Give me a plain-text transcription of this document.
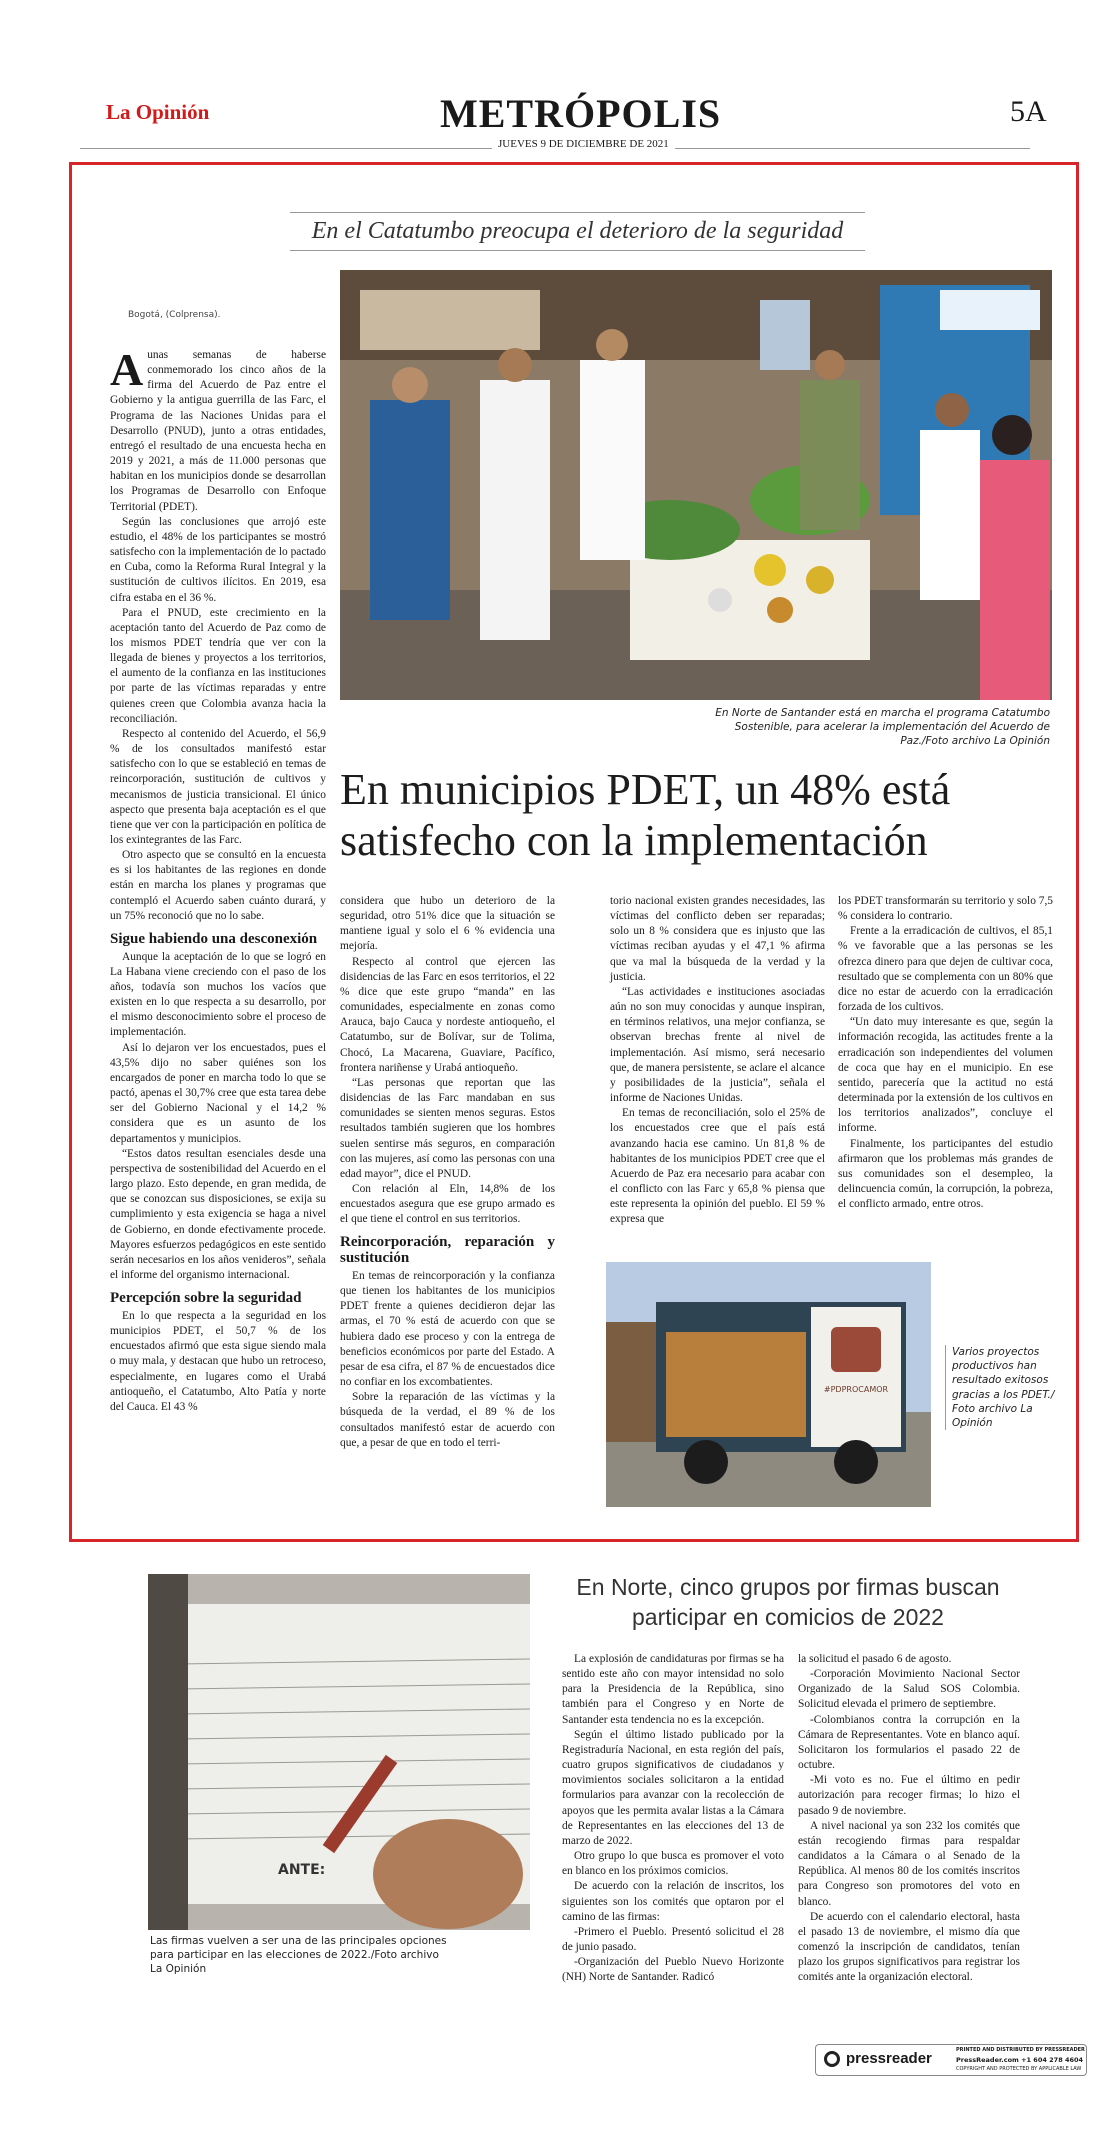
La Opinión	METRÓPOLIS	5A
JUEVES 9 DE DICIEMBRE DE 2021
En el Catatumbo preocupa el deterioro de la seguridad
En Norte de Santander está en marcha el programa Catatumbo Sostenible, para acelerar la implementación del Acuerdo de Paz./Foto archivo La Opinión
Bogotá, (Colprensa).
A unas semanas de haberse conmemorado los cinco años de la firma del Acuerdo de Paz entre el Gobierno y la antigua guerrilla de las Farc, el Programa de las Naciones Unidas para el Desarrollo (PNUD), junto a otras entidades, entregó el resultado de una encuesta hecha en 2019 y 2021, a más de 11.000 personas que habitan en los municipios donde se desarrollan los Programas de Desarrollo con Enfoque Territorial (PDET).

Según las conclusiones que arrojó este estudio, el 48% de los participantes se mostró satisfecho con la implementación de lo pactado en Cuba, como la Reforma Rural Integral y la sustitución de cultivos ilícitos. En 2019, esa cifra estaba en el 36 %.

Para el PNUD, este crecimiento en la aceptación tanto del Acuerdo de Paz como de los mismos PDET tendría que ver con la llegada de bienes y proyectos a los territorios, el aumento de la confianza en las instituciones por parte de las víctimas reparadas y entre quienes creen que Colombia avanza hacia la reconciliación.

Respecto al contenido del Acuerdo, el 56,9 % de los consultados manifestó estar satisfecho con lo que se estableció en temas de reincorporación, sustitución de cultivos y mecanismos de justicia transicional. El único aspecto que presenta baja aceptación es el que tiene que ver con la participación en política de los exintegrantes de las Farc.

Otro aspecto que se consultó en la encuesta es si los habitantes de las regiones en donde están en marcha los planes y programas que contempló el Acuerdo saben cuánto durará, y un 75% reconoció que no lo sabe.

Sigue habiendo una desconexión

Aunque la aceptación de lo que se logró en La Habana viene creciendo con el paso de los años, todavía son muchos los vacíos que existen en lo que respecta a su desarrollo, por el mismo desconocimiento sobre el proceso de implementación.

Así lo dejaron ver los encuestados, pues el 43,5% dijo no saber quiénes son los encargados de poner en marcha todo lo que se pactó, apenas el 30,7% cree que esta tarea debe ser del Gobierno Nacional y el 14,2 % considera que es un asunto de los departamentos y municipios.

“Estos datos resultan esenciales desde una perspectiva de sostenibilidad del Acuerdo en el largo plazo. Esto depende, en gran medida, de que se conozcan sus disposiciones, se exija su cumplimiento y esta exigencia se haga a nivel de Gobierno, en donde efectivamente procede. Mayores esfuerzos pedagógicos en este sentido serán necesarios en los años venideros”, señala el informe del organismo internacional.

Percepción sobre la seguridad

En lo que respecta a la seguridad en los municipios PDET, el 50,7 % de los encuestados afirmó que esta sigue siendo mala o muy mala, y destacan que hubo un retroceso, especialmente, en lugares como el Urabá antioqueño, el Catatumbo, Alto Patía y norte del Cauca. El 43 %

En municipios PDET, un 48% está satisfecho con la implementación

considera que hubo un deterioro de la seguridad, otro 51% dice que la situación se mantiene igual y solo el 6 % evidencia una mejoría.

Respecto al control que ejercen las disidencias de las Farc en esos territorios, el 22 % dice que este grupo “manda” en las comunidades, especialmente en zonas como Arauca, bajo Cauca y nordeste antioqueño, el Catatumbo, sur de Bolívar, sur de Tolima, Chocó, La Macarena, Guaviare, Pacífico, frontera nariñense y Urabá antioqueño.

“Las personas que reportan que las disidencias de las Farc mandaban en sus comunidades se sienten menos seguras. Estos resultados también sugieren que los hombres suelen sentirse más seguros, en comparación con las mujeres, así como las personas con una edad mayor”, dice el PNUD.

Con relación al Eln, 14,8% de los encuestados asegura que ese grupo armado es el que tiene el control en sus territorios.

Reincorporación, reparación y sustitución

En temas de reincorporación y la confianza que tienen los habitantes de los municipios PDET frente a quienes decidieron dejar las armas, el 70 % está de acuerdo con que se hubiera dado ese proceso y con la entrega de beneficios económicos por parte del Estado. A pesar de esa cifra, el 87 % de encuestados dice no confiar en los excombatientes.

Sobre la reparación de las víctimas y la búsqueda de la verdad, el 89 % de los consultados manifestó estar de acuerdo con que, a pesar de que en todo el terri-

torio nacional existen grandes necesidades, las víctimas del conflicto deben ser reparadas; solo un 8 % considera que es injusto que las víctimas reciban ayudas y el 47,1 % afirma que va mal la búsqueda de la verdad y la justicia.

“Las actividades e instituciones asociadas aún no son muy conocidas y aunque inspiran, en términos relativos, una mejor confianza, se observan brechas frente al nivel de implementación. Así mismo, será necesario que, de manera persistente, se aclare el alcance y posibilidades de la justicia”, señala el informe de Naciones Unidas.

En temas de reconciliación, solo el 25% de los encuestados cree que el país está avanzando hacia ese camino. Un 81,8 % de habitantes de los municipios PDET cree que el Acuerdo de Paz era necesario para acabar con el conflicto con las Farc y 65,8 % piensa que este representa la opinión del pueblo. El 59 % expresa que

los PDET transformarán su territorio y solo 7,5 % considera lo contrario.

Frente a la erradicación de cultivos, el 85,1 % ve favorable que a las personas se les ofrezca dinero para que dejen de cultivar coca, resultado que se complementa con un 80% que dice no estar de acuerdo con la erradicación forzada de los cultivos.

“Un dato muy interesante es que, según la información recogida, las actitudes frente a la erradicación son independientes del volumen de coca que hay en el municipio. En ese sentido, parecería que la actitud no está determinada por la extensión de los cultivos en los territorios analizados”, concluye el informe.

Finalmente, los participantes del estudio afirmaron que los problemas más grandes de sus comunidades son el desempleo, la delincuencia común, la corrupción, la pobreza, el conflicto armado, entre otros.

#PDPROCAMOR
Varios proyectos productivos han resultado exitosos gracias a los PDET./ Foto archivo La Opinión
ANTE:
Las firmas vuelven a ser una de las principales opciones para participar en las elecciones de 2022./Foto archivo La Opinión
En Norte, cinco grupos por firmas buscan participar en comicios de 2022

La explosión de candidaturas por firmas se ha sentido este año con mayor intensidad no solo para la Presidencia de la República, sino también para el Congreso y en Norte de Santander esta tendencia no es la excepción.

Según el último listado publicado por la Registraduría Nacional, en esta región del país, cuatro grupos significativos de ciudadanos y movimientos sociales solicitaron a la entidad formularios para avanzar con la recolección de apoyos que les permita avalar listas a la Cámara de Representantes en las elecciones del 13 de marzo de 2022.

Otro grupo lo que busca es promover el voto en blanco en los próximos comicios.

De acuerdo con la relación de inscritos, los siguientes son los comités que optaron por el camino de las firmas:

-Primero el Pueblo. Presentó solicitud el 28 de junio pasado.

-Organización del Pueblo Nuevo Horizonte (NH) Norte de Santander. Radicó

la solicitud el pasado 6 de agosto.

-Corporación Movimiento Nacional Sector Organizado de la Salud SOS Colombia. Solicitud elevada el primero de septiembre.

-Colombianos contra la corrupción en la Cámara de Representantes. Vote en blanco aquí. Solicitaron los formularios el pasado 22 de octubre.

-Mi voto es no. Fue el último en pedir autorización para recoger firmas; lo hizo el pasado 9 de noviembre.

A nivel nacional ya son 232 los comités que están recogiendo firmas para respaldar candidatos a la Cámara o al Senado de la República. Al menos 80 de los comités inscritos para Congreso son promotores del voto en blanco.

De acuerdo con el calendario electoral, hasta el pasado 13 de noviembre, el mismo día que comenzó la inscripción de candidatos, tenían plazo los grupos significativos para registrar los comités ante la organización electoral.

pressreader	PRINTED AND DISTRIBUTED BY PRESSREADER
PressReader.com +1 604 278 4604
COPYRIGHT AND PROTECTED BY APPLICABLE LAW
